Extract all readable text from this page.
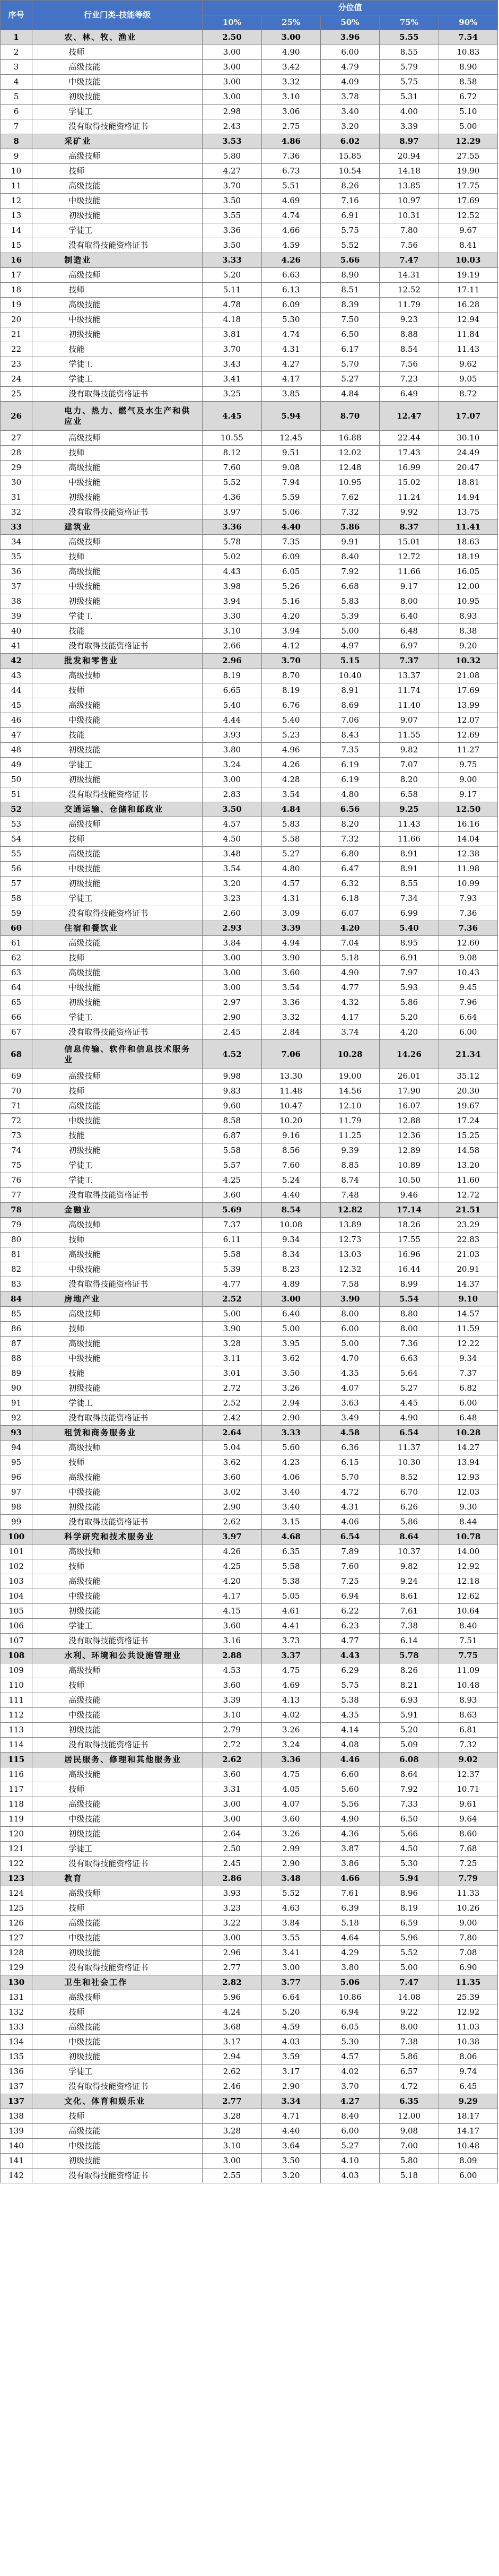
序号	行业门类-技能等级	分位值				
		10%	25%	50%	75%	90%
1	农、林、牧、渔业	2.50	3.00	3.96	5.55	7.54
2	技师	3.00	4.90	6.00	8.55	10.83
3	高级技能	3.00	3.42	4.79	5.79	8.90
4	中级技能	3.00	3.32	4.09	5.75	8.58
5	初级技能	3.00	3.10	3.78	5.31	6.72
6	学徒工	2.98	3.06	3.40	4.00	5.10
7	没有取得技能资格证书	2.43	2.75	3.20	3.39	5.00
8	采矿业	3.53	4.86	6.02	8.97	12.29
9	高级技师	5.80	7.36	15.85	20.94	27.55
10	技师	4.27	6.73	10.54	14.18	19.90
11	高级技能	3.70	5.51	8.26	13.85	17.75
12	中级技能	3.50	4.69	7.16	10.97	17.69
13	初级技能	3.55	4.74	6.91	10.31	12.52
14	学徒工	3.36	4.66	5.75	7.80	9.67
15	没有取得技能资格证书	3.50	4.59	5.52	7.56	8.41
16	制造业	3.33	4.26	5.66	7.47	10.03
17	高级技师	5.20	6.63	8.90	14.31	19.19
18	技师	5.11	6.13	8.51	12.52	17.11
19	高级技能	4.78	6.09	8.39	11.79	16.28
20	中级技能	4.18	5.30	7.50	9.23	12.94
21	初级技能	3.81	4.74	6.50	8.88	11.84
22	技能	3.70	4.31	6.17	8.54	11.43
23	学徒工	3.43	4.27	5.70	7.56	9.62
24	学徒工	3.41	4.17	5.27	7.23	9.05
25	没有取得技能资格证书	3.25	3.85	4.84	6.49	8.72
26	电力、热力、燃气及水生产和供应业	4.45	5.94	8.70	12.47	17.07
27	高级技师	10.55	12.45	16.88	22.44	30.10
28	技师	8.12	9.51	12.02	17.43	24.49
29	高级技能	7.60	9.08	12.48	16.99	20.47
30	中级技能	5.52	7.94	10.95	15.02	18.81
31	初级技能	4.36	5.59	7.62	11.24	14.94
32	没有取得技能资格证书	3.97	5.06	7.32	9.92	13.75
33	建筑业	3.36	4.40	5.86	8.37	11.41
34	高级技师	5.78	7.35	9.91	15.01	18.63
35	技师	5.02	6.09	8.40	12.72	18.19
36	高级技能	4.43	6.05	7.92	11.66	16.05
37	中级技能	3.98	5.26	6.68	9.17	12.00
38	初级技能	3.94	5.16	5.83	8.00	10.95
39	学徒工	3.30	4.20	5.39	6.40	8.93
40	技能	3.10	3.94	5.00	6.48	8.38
41	没有取得技能资格证书	2.66	4.12	4.97	6.97	9.20
42	批发和零售业	2.96	3.70	5.15	7.37	10.32
43	高级技师	8.19	8.70	10.40	13.37	21.08
44	技师	6.65	8.19	8.91	11.74	17.69
45	高级技能	5.40	6.76	8.69	11.40	13.99
46	中级技能	4.44	5.40	7.06	9.07	12.07
47	技能	3.93	5.23	8.43	11.55	12.69
48	初级技能	3.80	4.96	7.35	9.82	11.27
49	学徒工	3.24	4.26	6.19	7.07	9.75
50	初级技能	3.00	4.28	6.19	8.20	9.00
51	没有取得技能资格证书	2.83	3.54	4.80	6.58	9.17
52	交通运输、仓储和邮政业	3.50	4.84	6.56	9.25	12.50
53	高级技师	4.57	5.83	8.20	11.43	16.16
54	技师	4.50	5.58	7.32	11.66	14.04
55	高级技能	3.48	5.27	6.80	8.91	12.38
56	中级技能	3.54	4.80	6.47	8.91	11.98
57	初级技能	3.20	4.57	6.32	8.55	10.99
58	学徒工	3.23	4.31	6.18	7.34	7.93
59	没有取得技能资格证书	2.60	3.09	6.07	6.99	7.36
60	住宿和餐饮业	2.93	3.39	4.20	5.40	7.36
61	高级技能	3.84	4.94	7.04	8.95	12.60
62	技师	3.00	3.90	5.18	6.91	9.08
63	高级技能	3.00	3.60	4.90	7.97	10.43
64	中级技能	3.00	3.54	4.77	5.93	9.45
65	初级技能	2.97	3.36	4.32	5.86	7.96
66	学徒工	2.90	3.32	4.17	5.20	6.64
67	没有取得技能资格证书	2.45	2.84	3.74	4.20	6.00
68	信息传输、软件和信息技术服务业	4.52	7.06	10.28	14.26	21.34
69	高级技师	9.98	13.30	19.00	26.01	35.12
70	技师	9.83	11.48	14.56	17.90	20.30
71	高级技能	9.60	10.47	12.10	16.07	19.67
72	中级技能	8.58	10.20	11.79	12.88	17.24
73	技能	6.87	9.16	11.25	12.36	15.25
74	初级技能	5.58	8.56	9.39	12.89	14.58
75	学徒工	5.57	7.60	8.85	10.89	13.20
76	学徒工	4.25	5.24	8.74	10.50	11.60
77	没有取得技能资格证书	3.60	4.40	7.48	9.46	12.72
78	金融业	5.69	8.54	12.82	17.14	21.51
79	高级技师	7.37	10.08	13.89	18.26	23.29
80	技师	6.11	9.34	12.73	17.55	22.83
81	高级技能	5.58	8.34	13.03	16.96	21.03
82	中级技能	5.39	8.23	12.32	16.44	20.91
83	没有取得技能资格证书	4.77	4.89	7.58	8.99	14.37
84	房地产业	2.52	3.00	3.90	5.54	9.10
85	高级技师	5.00	6.40	8.00	8.80	14.57
86	技师	3.90	5.00	6.00	8.00	11.59
87	高级技能	3.28	3.95	5.00	7.36	12.22
88	中级技能	3.11	3.62	4.70	6.63	9.34
89	技能	3.01	3.50	4.35	5.64	7.37
90	初级技能	2.72	3.26	4.07	5.27	6.82
91	学徒工	2.52	2.94	3.63	4.45	6.00
92	没有取得技能资格证书	2.42	2.90	3.49	4.90	6.48
93	租赁和商务服务业	2.64	3.33	4.58	6.54	10.28
94	高级技师	5.04	5.60	6.36	11.37	14.27
95	技师	3.62	4.23	6.15	10.30	13.94
96	高级技能	3.60	4.06	5.70	8.52	12.93
97	中级技能	3.02	3.40	4.72	6.70	12.03
98	初级技能	2.90	3.40	4.31	6.26	9.30
99	没有取得技能资格证书	2.62	3.15	4.06	5.86	8.44
100	科学研究和技术服务业	3.97	4.68	6.54	8.64	10.78
101	高级技师	4.26	6.35	7.89	10.37	14.00
102	技师	4.25	5.58	7.60	9.82	12.92
103	高级技能	4.20	5.38	7.25	9.24	12.18
104	中级技能	4.17	5.05	6.94	8.61	12.62
105	初级技能	4.15	4.61	6.22	7.61	10.64
106	学徒工	3.60	4.41	6.23	7.38	8.40
107	没有取得技能资格证书	3.16	3.73	4.77	6.14	7.51
108	水利、环境和公共设施管理业	2.88	3.37	4.43	5.78	7.75
109	高级技师	4.53	4.75	6.29	8.26	11.09
110	技师	3.60	4.69	5.75	8.21	10.48
111	高级技能	3.39	4.13	5.38	6.93	8.93
112	中级技能	3.10	4.02	4.35	5.91	8.63
113	初级技能	2.79	3.26	4.14	5.20	6.81
114	没有取得技能资格证书	2.72	3.24	4.08	5.09	7.32
115	居民服务、修理和其他服务业	2.62	3.36	4.46	6.08	9.02
116	高级技能	3.60	4.75	6.60	8.64	12.37
117	技师	3.31	4.05	5.60	7.92	10.71
118	高级技能	3.00	4.07	5.56	7.33	9.61
119	中级技能	3.00	3.60	4.90	6.50	9.64
120	初级技能	2.64	3.26	4.36	5.66	8.60
121	学徒工	2.50	2.99	3.87	4.50	7.68
122	没有取得技能资格证书	2.45	2.90	3.86	5.30	7.25
123	教育	2.86	3.48	4.66	5.94	7.79
124	高级技师	3.93	5.52	7.61	8.96	11.33
125	技师	3.23	4.63	6.39	8.19	10.26
126	高级技能	3.22	3.84	5.18	6.59	9.00
127	中级技能	3.00	3.55	4.64	5.96	7.80
128	初级技能	2.96	3.41	4.29	5.52	7.08
129	没有取得技能资格证书	2.77	3.00	3.80	5.00	6.90
130	卫生和社会工作	2.82	3.77	5.06	7.47	11.35
131	高级技师	5.96	6.64	10.86	14.08	25.39
132	技师	4.24	5.20	6.94	9.22	12.92
133	高级技能	3.68	4.59	6.05	8.00	11.03
134	中级技能	3.17	4.03	5.30	7.38	10.38
135	初级技能	2.94	3.59	4.57	5.86	8.06
136	学徒工	2.62	3.17	4.02	6.57	9.74
137	没有取得技能资格证书	2.46	2.90	3.70	4.72	6.45
137	文化、体育和娱乐业	2.77	3.34	4.27	6.35	9.29
138	技师	3.28	4.71	8.40	12.00	18.17
139	高级技能	3.28	4.40	6.00	9.08	14.17
140	中级技能	3.10	3.64	5.27	7.00	10.48
141	初级技能	3.00	3.50	4.10	5.80	8.09
142	没有取得技能资格证书	2.55	3.20	4.03	5.18	6.00
